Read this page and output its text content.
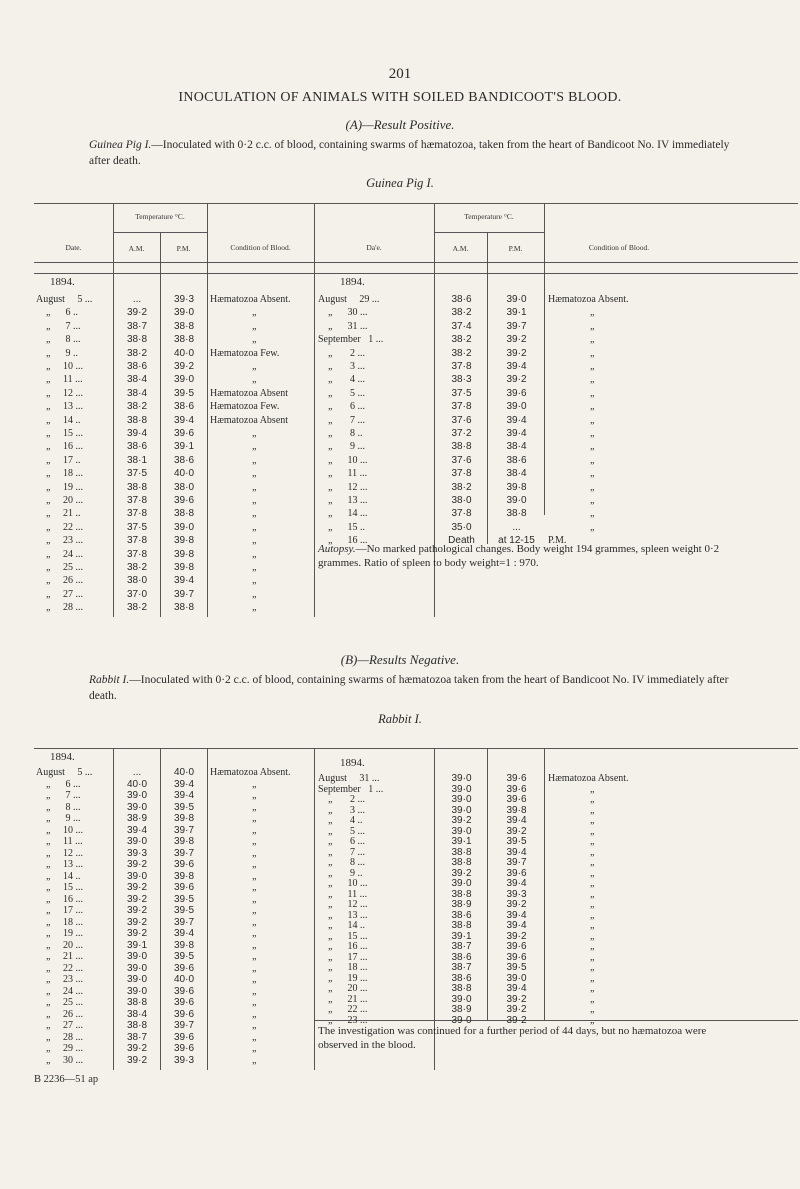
201
INOCULATION OF ANIMALS WITH SOILED BANDICOOT'S BLOOD.
(A)—Result Positive.
Guinea Pig I.—Inoculated with 0·2 c.c. of blood, containing swarms of hæmatozoa, taken from the heart of Bandicoot No. IV immediately after death.
Guinea Pig I.
Date.
Temperature °C.
A.M.	P.M.	Condition of Blood.	Da'e.
Temperature °C.
A.M.	P.M.	Condition of Blood.
1894.	1894.
August     5 ...	...	39·3	Hæmatozoa Absent.
„      6 ..	39·2	39·0	„
„      7 ...	38·7	38·8	„
„      8 ...	38·8	38·8	„
„      9 ..	38·2	40·0	Hæmatozoa Few.
„     10 ...	38·6	39·2	„
„     11 ...	38·4	39·0	„
„     12 ...	38·4	39·5	Hæmatozoa Absent
„     13 ...	38·2	38·6	Hæmatozoa Few.
„     14 ..	38·8	39·4	Hæmatozoa Absent
„     15 ...	39·4	39·6	„
„     16 ...	38·6	39·1	„
„     17 ..	38·1	38·6	„
„     18 ...	37·5	40·0	„
„     19 ...	38·8	38·0	„
„     20 ...	37·8	39·6	„
„     21 ..	37·8	38·8	„
„     22 ...	37·5	39·0	„
„     23 ...	37·8	39·8	„
„     24 ...	37·8	39·8	„
„     25 ...	38·2	39·8	„
„     26 ...	38·0	39·4	„
„     27 ...	37·0	39·7	„
„     28 ...	38·2	38·8	„
August     29 ...	38·6	39·0	Hæmatozoa Absent.
„      30 ...	38·2	39·1	„
„      31 ...	37·4	39·7	„
September   1 ...	38·2	39·2	„
„       2 ...	38·2	39·2	„
„       3 ...	37·8	39·4	„
„       4 ...	38·3	39·2	„
„       5 ...	37·5	39·6	„
„       6 ...	37·8	39·0	„
„       7 ...	37·6	39·4	„
„       8 ..	37·2	39·4	„
„       9 ...	38·8	38·4	„
„      10 ...	37·6	38·6	„
„      11 ...	37·8	38·4	„
„      12 ...	38·2	39·8	„
„      13 ...	38·0	39·0	„
„      14 ...	37·8	38·8	„
„      15 ..	35·0	...	„
„      16 ...	Death	at 12-15	P.M.
Autopsy.—No marked pathological changes. Body weight 194 grammes, spleen weight 0·2 grammes. Ratio of spleen to body weight=1 : 970.
(B)—Results Negative.
Rabbit I.—Inoculated with 0·2 c.c. of blood, containing swarms of hæmatozoa taken from the heart of Bandicoot No. IV immediately after death.
Rabbit I.
1894.	1894.
August     5 ...	...	40·0	Hæmatozoa Absent.
„      6 ...	40·0	39·4	„
„      7 ...	39·0	39·4	„
„      8 ...	39·0	39·5	„
„      9 ...	38·9	39·8	„
„     10 ...	39·4	39·7	„
„     11 ...	39·0	39·8	„
„     12 ...	39·3	39·7	„
„     13 ...	39·2	39·6	„
„     14 ..	39·0	39·8	„
„     15 ...	39·2	39·6	„
„     16 ...	39·2	39·5	„
„     17 ...	39·2	39·5	„
„     18 ...	39·2	39·7	„
„     19 ...	39·2	39·4	„
„     20 ...	39·1	39·8	„
„     21 ...	39·0	39·5	„
„     22 ...	39·0	39·6	„
„     23 ...	39·0	40·0	„
„     24 ...	39·0	39·6	„
„     25 ...	38·8	39·6	„
„     26 ...	38·4	39·6	„
„     27 ...	38·8	39·7	„
„     28 ...	38·7	39·6	„
„     29 ...	39·2	39·6	„
„     30 ...	39·2	39·3	„
August     31 ...	39·0	39·6	Hæmatozoa Absent.
September   1 ...	39·0	39·6	„
„       2 ...	39·0	39·6	„
„       3 ...	39·0	39·8	„
„       4 ..	39·2	39·4	„
„       5 ...	39·0	39·2	„
„       6 ...	39·1	39·5	„
„       7 ...	38·8	39·4	„
„       8 ...	38·8	39·7	„
„       9 ..	39·2	39·6	„
„      10 ...	39·0	39·4	„
„      11 ...	38·8	39·3	„
„      12 ...	38·9	39·2	„
„      13 ...	38·6	39·4	„
„      14 ..	38·8	39·4	„
„      15 ...	39·1	39·2	„
„      16 ...	38·7	39·6	„
„      17 ...	38·6	39·6	„
„      18 ...	38·7	39·5	„
„      19 ...	38·6	39·0	„
„      20 ...	38·8	39·4	„
„      21 ...	39·0	39·2	„
„      22 ...	38·9	39·2	„
„      23 ...	39·0	39·2	„
The investigation was continued for a further period of 44 days, but no hæmatozoa were observed in the blood.
B 2236—51 ap
